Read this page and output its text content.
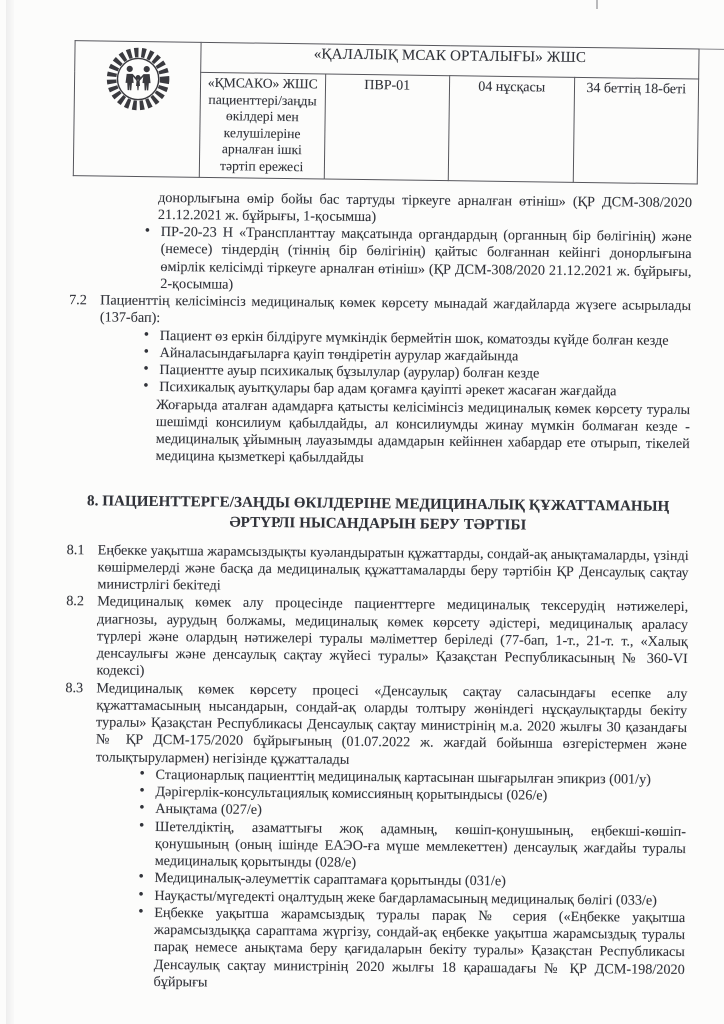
	«ҚАЛАЛЫҚ МСАК ОРТАЛЫҒЫ» ЖШС			
	«ҚМСАКО» ЖШС пациенттері/заңды өкілдері мен келушілеріне арналған ішкі тәртіп ережесі	ПВР-01	04 нұсқасы	34 беттің 18-беті

донорлығына өмір бойы бас тартуды тіркеуге арналған өтініш» (ҚР ДСМ-308/2020 21.12.2021 ж. бұйрығы, 1-қосымша)

• ПР-20-23 Н «Транспланттау мақсатында органдардың (органның бір бөлігінің) және (немесе) тіндердің (тіннің бір бөлігінің) қайтыс болғаннан кейінгі донорлығына өмірлік келісімді тіркеуге арналған өтініш» (ҚР ДСМ-308/2020 21.12.2021 ж. бұйрығы, 2-қосымша)
7.2 Пациенттің келісімінсіз медициналық көмек көрсету мынадай жағдайларда жүзеге асырылады (137-бап):
• Пациент өз еркін білдіруге мүмкіндік бермейтін шок, коматозды күйде болған кезде
• Айналасындағыларға қауіп төндіретін аурулар жағдайында
• Пациентте ауыр психикалық бұзылулар (аурулар) болған кезде
• Психикалық ауытқулары бар адам қоғамға қауіпті әрекет жасаған жағдайда

Жоғарыда аталған адамдарға қатысты келісімінсіз медициналық көмек көрсету туралы шешімді консилиум қабылдайды, ал консилиумды жинау мүмкін болмаған кезде - медициналық ұйымның лауазымды адамдарын кейіннен хабардар ете отырып, тікелей медицина қызметкері қабылдайды

8. ПАЦИЕНТТЕРГЕ/ЗАҢДЫ ӨКІЛДЕРІНЕ МЕДИЦИНАЛЫҚ ҚҰЖАТТАМАНЫҢ ӘРТҮРЛІ НЫСАНДАРЫН БЕРУ ТӘРТІБІ
8.1 Еңбекке уақытша жарамсыздықты куәландыратын құжаттарды, сондай-ақ анықтамаларды, үзінді көшірмелерді және басқа да медициналық құжаттамаларды беру тәртібін ҚР Денсаулық сақтау министрлігі бекітеді
8.2 Медициналық көмек алу процесінде пациенттерге медициналық тексерудің нәтижелері, диагнозы, аурудың болжамы, медициналық көмек көрсету әдістері, медициналық араласу түрлері және олардың нәтижелері туралы мәліметтер беріледі (77-бап, 1-т., 21-т. т., «Халық денсаулығы және денсаулық сақтау жүйесі туралы» Қазақстан Республикасының № 360-VI кодексі)
8.3 Медициналық көмек көрсету процесі «Денсаулық сақтау саласындағы есепке алу құжаттамасының нысандарын, сондай-ақ оларды толтыру жөніндегі нұсқаулықтарды бекіту туралы» Қазақстан Республикасы Денсаулық сақтау министрінің м.а. 2020 жылғы 30 қазандағы № ҚР ДСМ-175/2020 бұйрығының (01.07.2022 ж. жағдай бойынша өзгерістермен және толықтырулармен) негізінде құжатталады
• Стационарлық пациенттің медициналық картасынан шығарылған эпикриз (001/у)
• Дәрігерлік-консультациялық комиссияның қорытындысы (026/е)
• Анықтама (027/е)
• Шетелдіктің, азаматтығы жоқ адамның, көшіп-қонушының, еңбекші-көшіп-қонушының (оның ішінде ЕАЭО-ға мүше мемлекеттен) денсаулық жағдайы туралы медициналық қорытынды (028/е)
• Медициналық-әлеуметтік сараптамаға қорытынды (031/е)
• Науқасты/мүгедекті оңалтудың жеке бағдарламасының медициналық бөлігі (033/е)
• Еңбекке уақытша жарамсыздық туралы парақ № серия («Еңбекке уақытша жарамсыздыққа сараптама жүргізу, сондай-ақ еңбекке уақытша жарамсыздық туралы парақ немесе анықтама беру қағидаларын бекіту туралы» Қазақстан Республикасы Денсаулық сақтау министрінің 2020 жылғы 18 қарашадағы № ҚР ДСМ-198/2020 бұйрығы
